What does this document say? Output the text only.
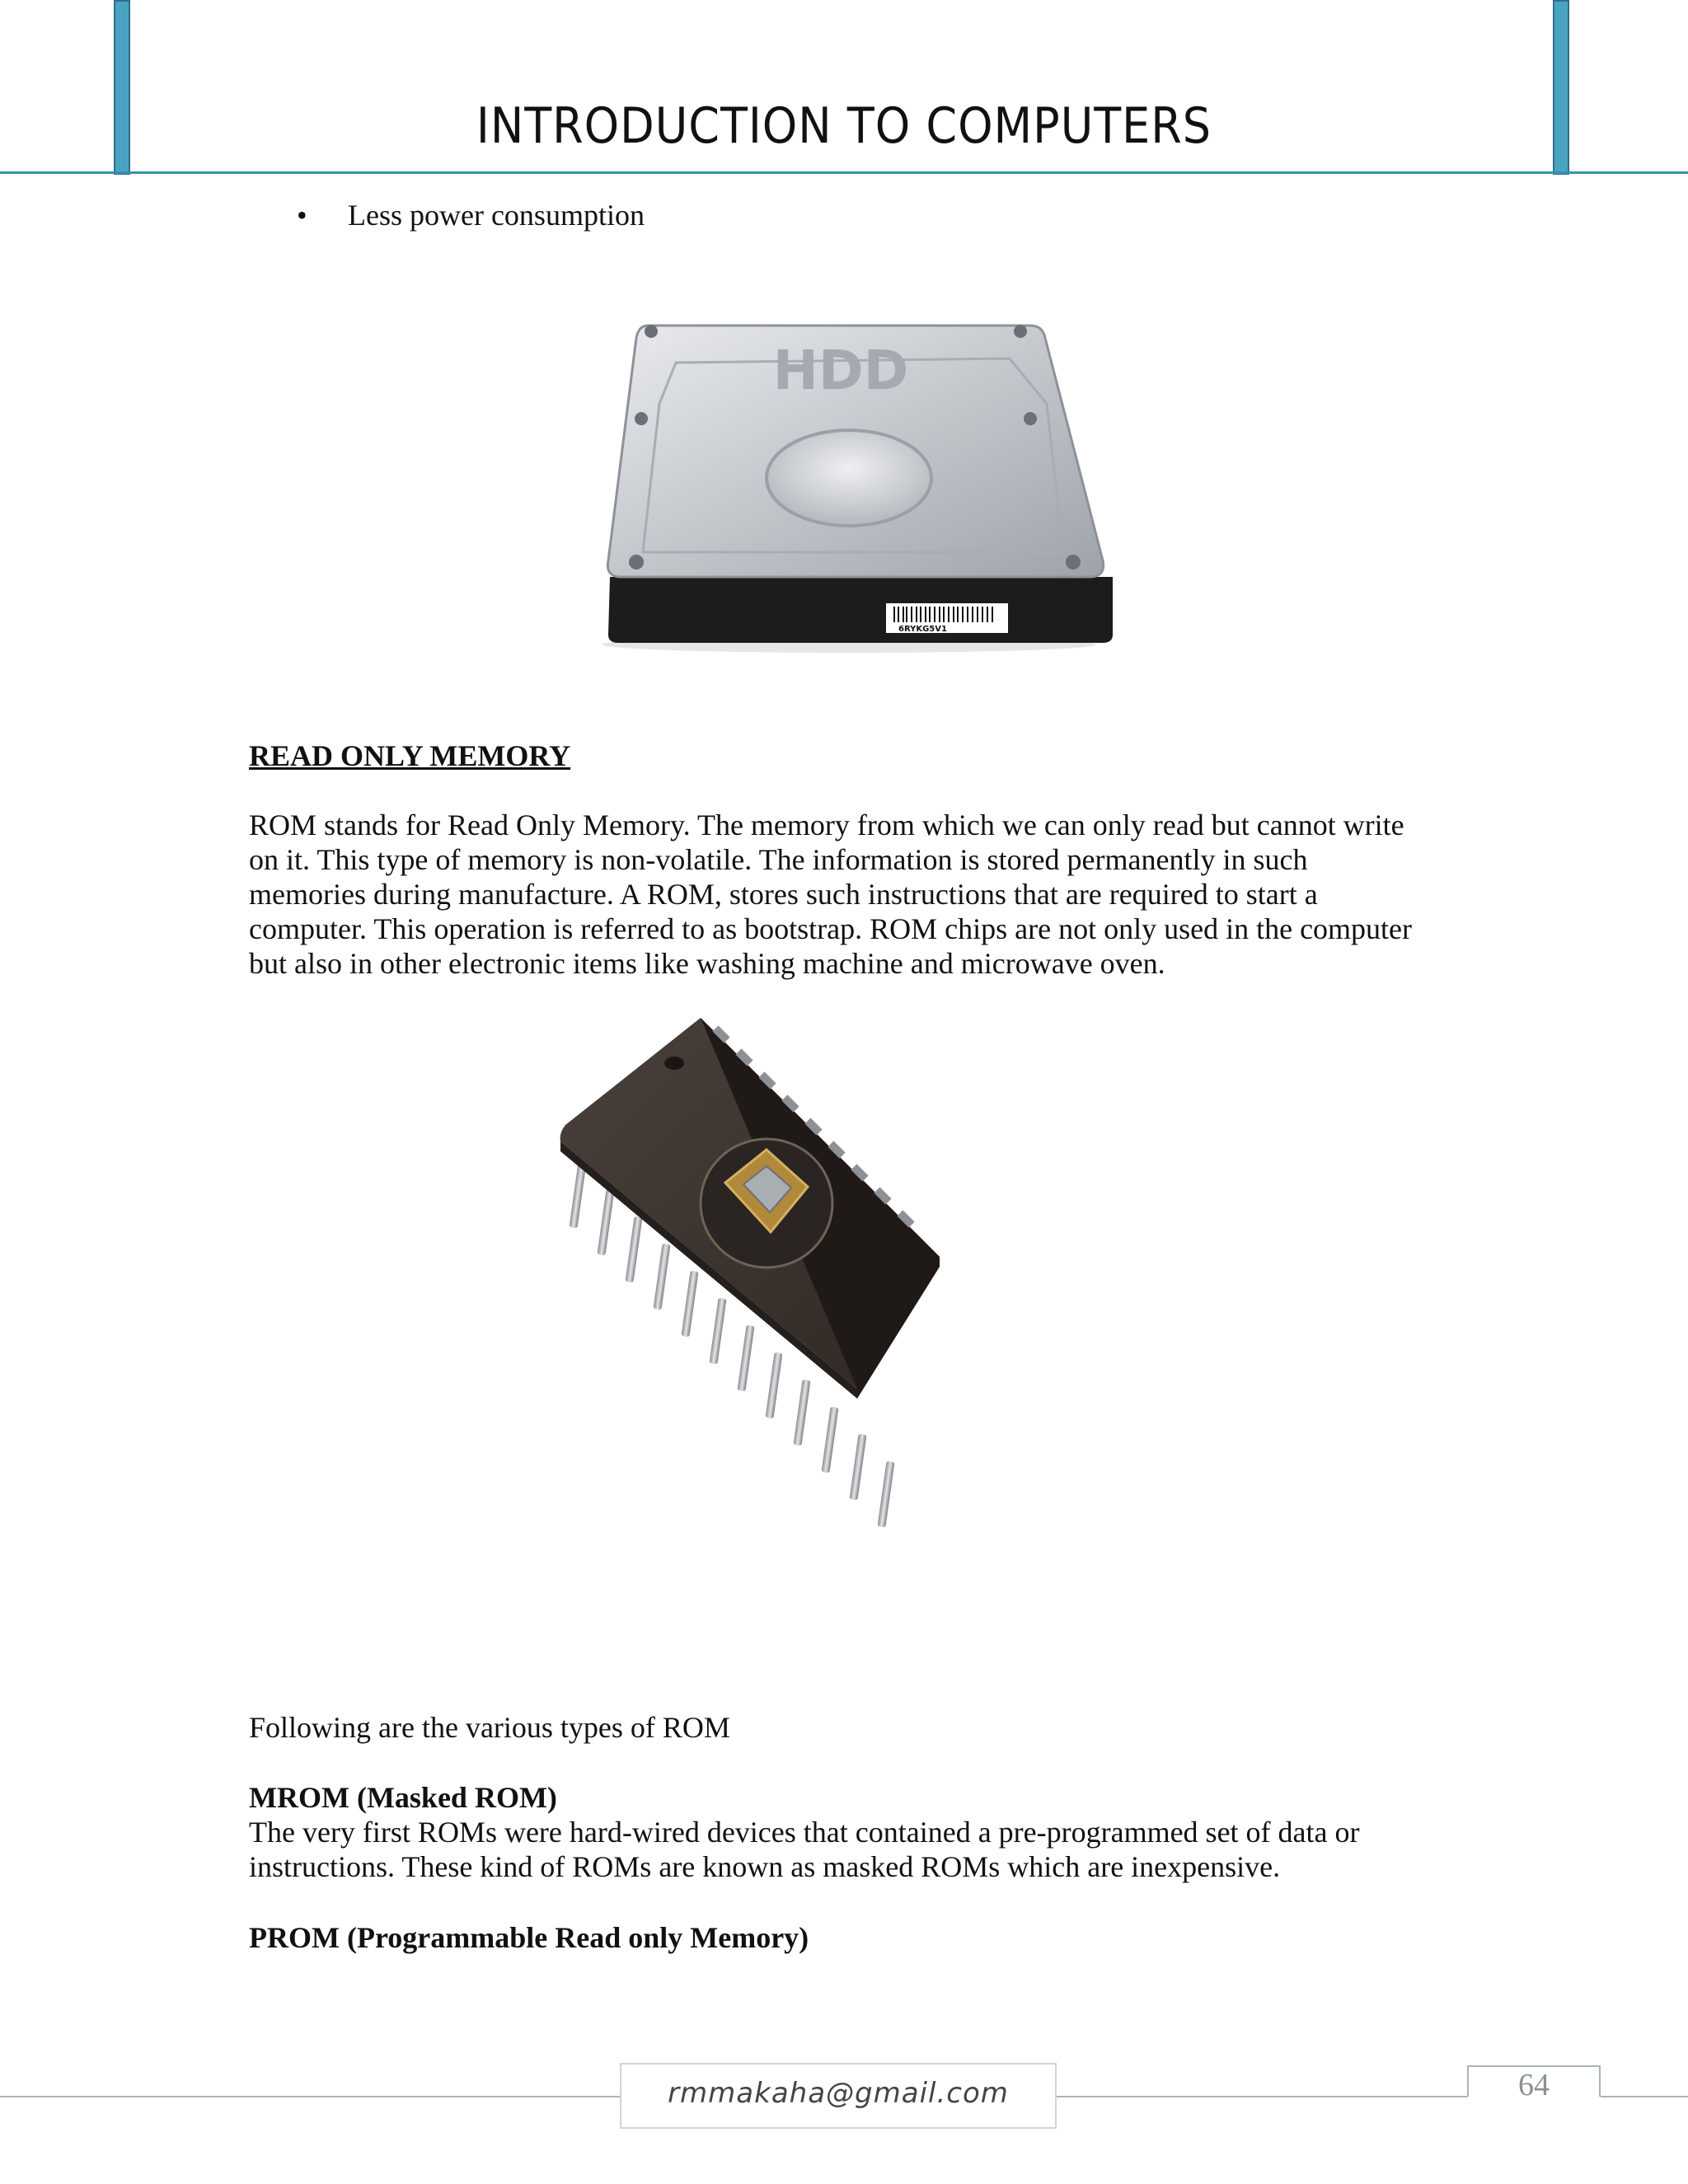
INTRODUCTION TO COMPUTERS
• Less power consumption
HDD
6RYKG5V1
READ ONLY MEMORY
ROM stands for Read Only Memory. The memory from which we can only read but cannot write
on it. This type of memory is non-volatile. The information is stored permanently in such
memories during manufacture. A ROM, stores such instructions that are required to start a
computer. This operation is referred to as bootstrap. ROM chips are not only used in the computer
but also in other electronic items like washing machine and microwave oven.
Following are the various types of ROM
MROM (Masked ROM)
The very first ROMs were hard-wired devices that contained a pre-programmed set of data or
instructions. These kind of ROMs are known as masked ROMs which are inexpensive.
PROM (Programmable Read only Memory)
rmmakaha@gmail.com	64
